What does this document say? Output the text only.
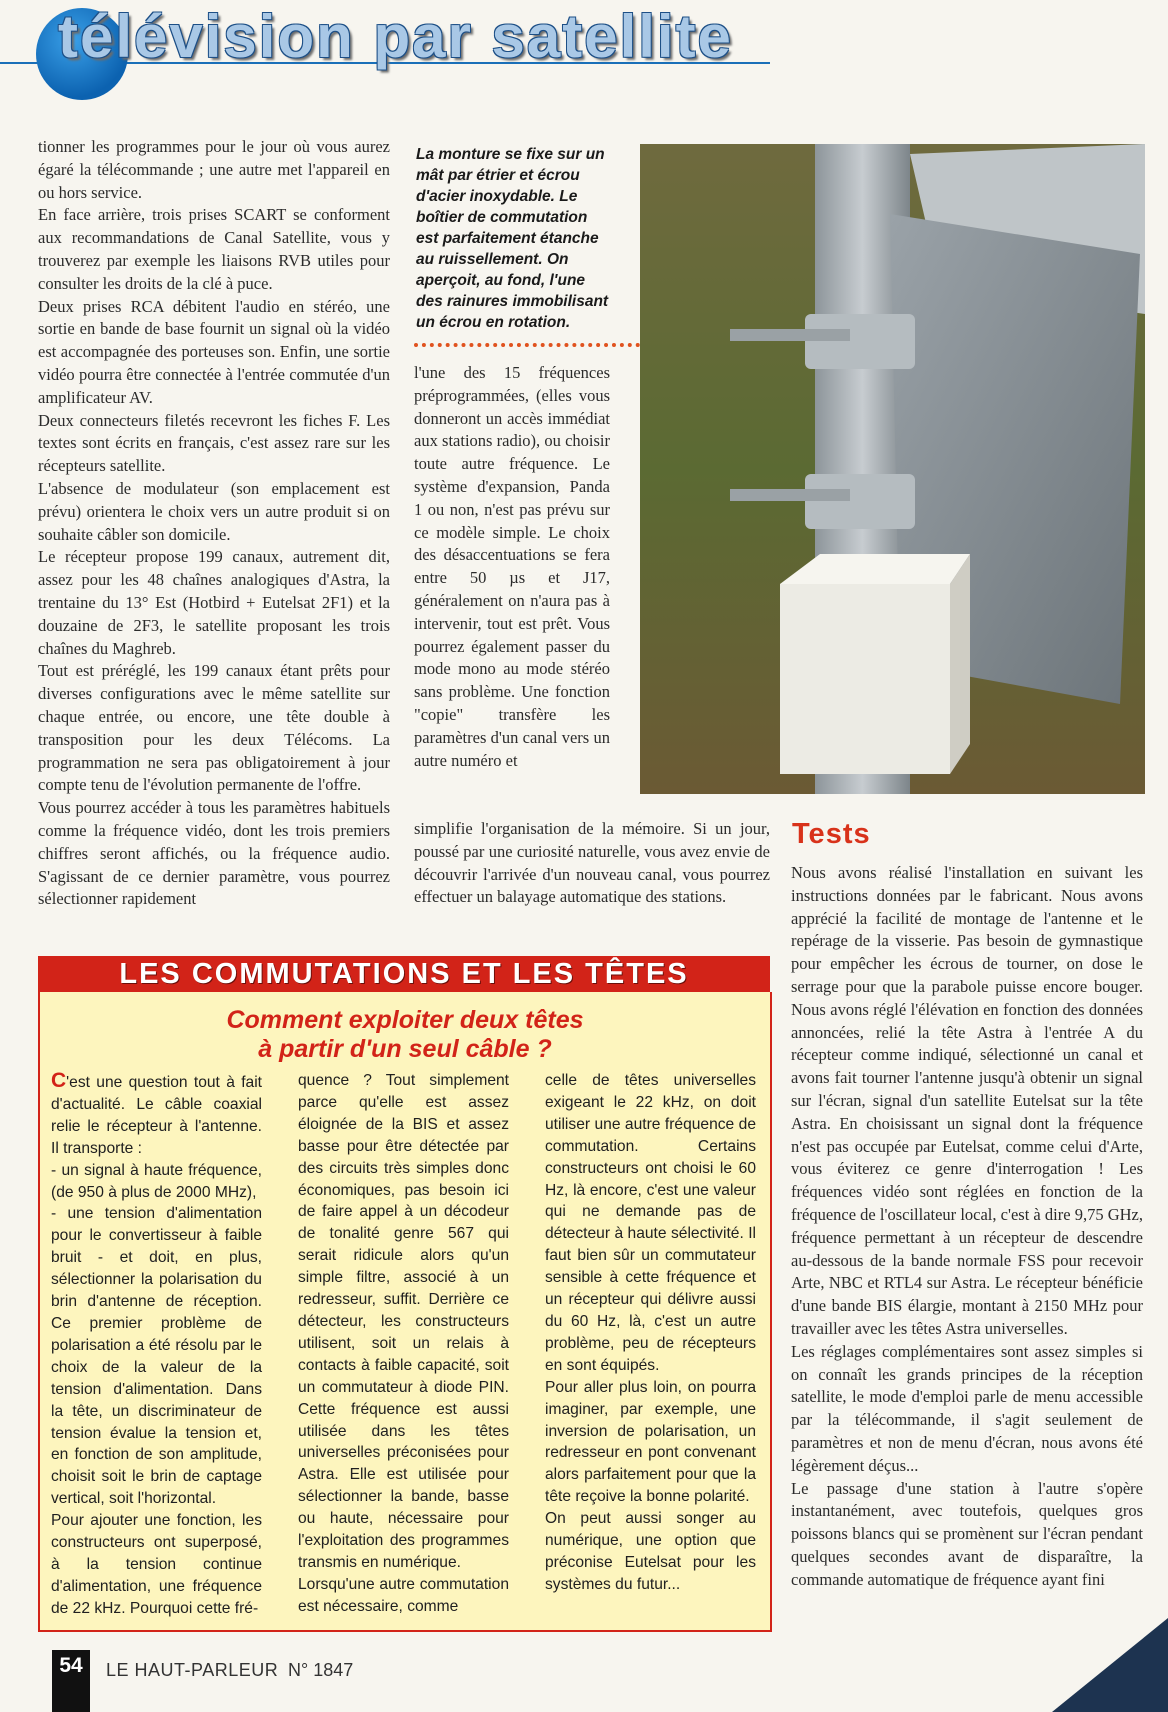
télévision par satellite

tionner les programmes pour le jour où vous aurez égaré la télécommande ; une autre met l'appareil en ou hors service.

En face arrière, trois prises SCART se conforment aux recommandations de Canal Satellite, vous y trouverez par exemple les liaisons RVB utiles pour consulter les droits de la clé à puce.

Deux prises RCA débitent l'audio en stéréo, une sortie en bande de base fournit un signal où la vidéo est accompagnée des porteuses son. Enfin, une sortie vidéo pourra être connectée à l'entrée commutée d'un amplificateur AV.

Deux connecteurs filetés recevront les fiches F. Les textes sont écrits en français, c'est assez rare sur les récepteurs satellite.

L'absence de modulateur (son emplacement est prévu) orientera le choix vers un autre produit si on souhaite câbler son domicile.

Le récepteur propose 199 canaux, autrement dit, assez pour les 48 chaînes analogiques d'Astra, la trentaine du 13° Est (Hotbird + Eutelsat 2F1) et la douzaine de 2F3, le satellite proposant les trois chaînes du Maghreb.

Tout est préréglé, les 199 canaux étant prêts pour diverses configurations avec le même satellite sur chaque entrée, ou encore, une tête double à transposition pour les deux Télécoms. La programmation ne sera pas obligatoirement à jour compte tenu de l'évolution permanente de l'offre.

Vous pourrez accéder à tous les paramètres habituels comme la fréquence vidéo, dont les trois premiers chiffres seront affichés, ou la fréquence audio. S'agissant de ce dernier paramètre, vous pourrez sélectionner rapidement

La monture se fixe sur un mât par étrier et écrou d'acier inoxydable. Le boîtier de commutation est parfaitement étanche au ruissellement. On aperçoit, au fond, l'une des rainures immobilisant un écrou en rotation.

l'une des 15 fréquences préprogrammées, (elles vous donneront un accès immédiat aux stations radio), ou choisir toute autre fréquence. Le système d'expansion, Panda 1 ou non, n'est pas prévu sur ce modèle simple. Le choix des désaccentuations se fera entre 50 µs et J17, généralement on n'aura pas à intervenir, tout est prêt. Vous pourrez également passer du mode mono au mode stéréo sans problème. Une fonction "copie" transfère les paramètres d'un canal vers un autre numéro et

simplifie l'organisation de la mémoire. Si un jour, poussé par une curiosité naturelle, vous avez envie de découvrir l'arrivée d'un nouveau canal, vous pourrez effectuer un balayage automatique des stations.

Tests

Nous avons réalisé l'installation en suivant les instructions données par le fabricant. Nous avons apprécié la facilité de montage de l'antenne et le repérage de la visserie. Pas besoin de gymnastique pour empêcher les écrous de tourner, on dose le serrage pour que la parabole puisse encore bouger. Nous avons réglé l'élévation en fonction des données annoncées, relié la tête Astra à l'entrée A du récepteur comme indiqué, sélectionné un canal et avons fait tourner l'antenne jusqu'à obtenir un signal sur l'écran, signal d'un satellite Eutelsat sur la tête Astra. En choisissant un signal dont la fréquence n'est pas occupée par Eutelsat, comme celui d'Arte, vous éviterez ce genre d'interrogation ! Les fréquences vidéo sont réglées en fonction de la fréquence de l'oscillateur local, c'est à dire 9,75 GHz, fréquence permettant à un récepteur de descendre au-dessous de la bande normale FSS pour recevoir Arte, NBC et RTL4 sur Astra. Le récepteur bénéficie d'une bande BIS élargie, montant à 2150 MHz pour travailler avec les têtes Astra universelles.

Les réglages complémentaires sont assez simples si on connaît les grands principes de la réception satellite, le mode d'emploi parle de menu accessible par la télécommande, il s'agit seulement de paramètres et non de menu d'écran, nous avons été légèrement déçus...

Le passage d'une station à l'autre s'opère instantanément, avec toutefois, quelques gros poissons blancs qui se promènent sur l'écran pendant quelques secondes avant de disparaître, la commande automatique de fréquence ayant fini

LES COMMUTATIONS ET LES TÊTES
Comment exploiter deux têtes
à partir d'un seul câble ?

C'est une question tout à fait d'actualité. Le câble coaxial relie le récepteur à l'antenne. Il transporte :

- un signal à haute fréquence, (de 950 à plus de 2000 MHz),

- une tension d'alimentation pour le convertisseur à faible bruit - et doit, en plus, sélectionner la polarisation du brin d'antenne de réception. Ce premier problème de polarisation a été résolu par le choix de la valeur de la tension d'alimentation. Dans la tête, un discriminateur de tension évalue la tension et, en fonction de son amplitude, choisit soit le brin de captage vertical, soit l'horizontal.

Pour ajouter une fonction, les constructeurs ont superposé, à la tension continue d'alimentation, une fréquence de 22 kHz. Pourquoi cette fré-

quence ? Tout simplement parce qu'elle est assez éloignée de la BIS et assez basse pour être détectée par des circuits très simples donc économiques, pas besoin ici de faire appel à un décodeur de tonalité genre 567 qui serait ridicule alors qu'un simple filtre, associé à un redresseur, suffit. Derrière ce détecteur, les constructeurs utilisent, soit un relais à contacts à faible capacité, soit un commutateur à diode PIN. Cette fréquence est aussi utilisée dans les têtes universelles préconisées pour Astra. Elle est utilisée pour sélectionner la bande, basse ou haute, nécessaire pour l'exploitation des programmes transmis en numérique.

Lorsqu'une autre commutation est nécessaire, comme

celle de têtes universelles exigeant le 22 kHz, on doit utiliser une autre fréquence de commutation. Certains constructeurs ont choisi le 60 Hz, là encore, c'est une valeur qui ne demande pas de détecteur à haute sélectivité. Il faut bien sûr un commutateur sensible à cette fréquence et un récepteur qui délivre aussi du 60 Hz, là, c'est un autre problème, peu de récepteurs en sont équipés.

Pour aller plus loin, on pourra imaginer, par exemple, une inversion de polarisation, un redresseur en pont convenant alors parfaitement pour que la tête reçoive la bonne polarité.

On peut aussi songer au numérique, une option que préconise Eutelsat pour les systèmes du futur...

54	LE HAUT-PARLEUR N° 1847
